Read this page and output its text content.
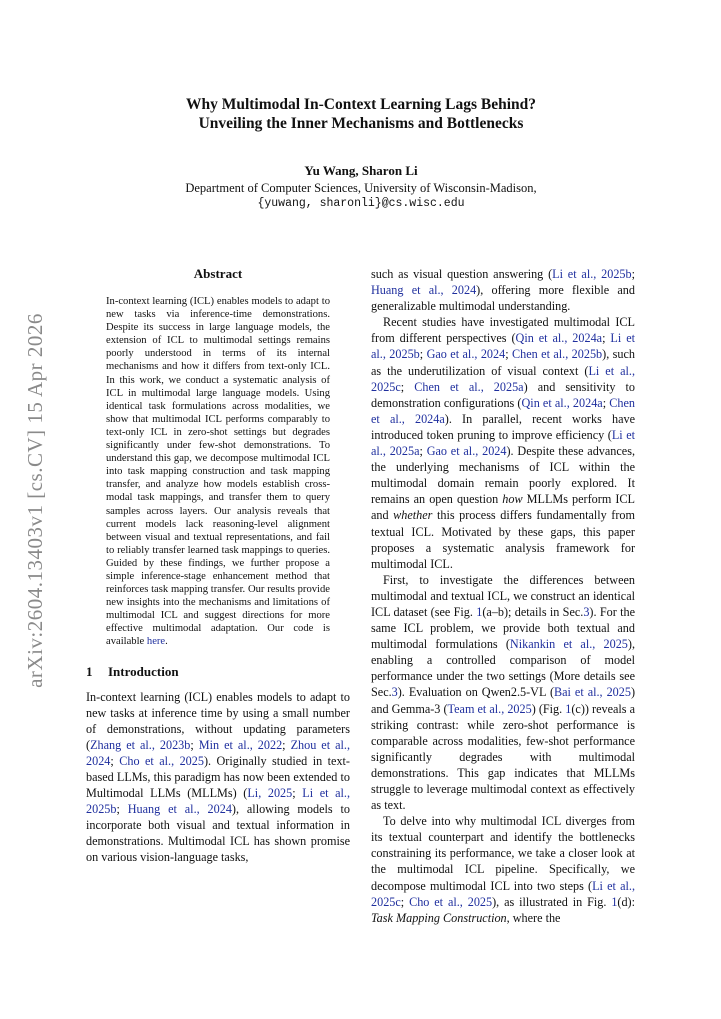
arXiv:2604.13403v1 [cs.CV] 15 Apr 2026
Why Multimodal In-Context Learning Lags Behind?
Unveiling the Inner Mechanisms and Bottlenecks
Yu Wang, Sharon Li
Department of Computer Sciences, University of Wisconsin-Madison,
{yuwang, sharonli}@cs.wisc.edu
Abstract

In-context learning (ICL) enables models to adapt to new tasks via inference-time demonstrations. Despite its success in large language models, the extension of ICL to multimodal settings remains poorly understood in terms of its internal mechanisms and how it differs from text-only ICL. In this work, we conduct a systematic analysis of ICL in multimodal large language models. Using identical task formulations across modalities, we show that multimodal ICL performs comparably to text-only ICL in zero-shot settings but degrades significantly under few-shot demonstrations. To understand this gap, we decompose multimodal ICL into task mapping construction and task mapping transfer, and analyze how models establish cross-modal task mappings, and transfer them to query samples across layers. Our analysis reveals that current models lack reasoning-level alignment between visual and textual representations, and fail to reliably transfer learned task mappings to queries. Guided by these findings, we further propose a simple inference-stage enhancement method that reinforces task mapping transfer. Our results provide new insights into the mechanisms and limitations of multimodal ICL and suggest directions for more effective multimodal adaptation. Our code is available here.

1 Introduction

In-context learning (ICL) enables models to adapt to new tasks at inference time by using a small number of demonstrations, without updating parameters (Zhang et al., 2023b; Min et al., 2022; Zhou et al., 2024; Cho et al., 2025). Originally studied in text-based LLMs, this paradigm has now been extended to Multimodal LLMs (MLLMs) (Li, 2025; Li et al., 2025b; Huang et al., 2024), allowing models to incorporate both visual and textual information in demonstrations. Multimodal ICL has shown promise on various vision-language tasks,

such as visual question answering (Li et al., 2025b; Huang et al., 2024), offering more flexible and generalizable multimodal understanding.

Recent studies have investigated multimodal ICL from different perspectives (Qin et al., 2024a; Li et al., 2025b; Gao et al., 2024; Chen et al., 2025b), such as the underutilization of visual context (Li et al., 2025c; Chen et al., 2025a) and sensitivity to demonstration configurations (Qin et al., 2024a; Chen et al., 2024a). In parallel, recent works have introduced token pruning to improve efficiency (Li et al., 2025a; Gao et al., 2024). Despite these advances, the underlying mechanisms of ICL within the multimodal domain remain poorly explored. It remains an open question how MLLMs perform ICL and whether this process differs fundamentally from textual ICL. Motivated by these gaps, this paper proposes a systematic analysis framework for multimodal ICL.

First, to investigate the differences between multimodal and textual ICL, we construct an identical ICL dataset (see Fig. 1(a–b); details in Sec.3). For the same ICL problem, we provide both textual and multimodal formulations (Nikankin et al., 2025), enabling a controlled comparison of model performance under the two settings (More details see Sec.3). Evaluation on Qwen2.5-VL (Bai et al., 2025) and Gemma-3 (Team et al., 2025) (Fig. 1(c)) reveals a striking contrast: while zero-shot performance is comparable across modalities, few-shot performance significantly degrades with multimodal demonstrations. This gap indicates that MLLMs struggle to leverage multimodal context as effectively as text.

To delve into why multimodal ICL diverges from its textual counterpart and identify the bottlenecks constraining its performance, we take a closer look at the multimodal ICL pipeline. Specifically, we decompose multimodal ICL into two steps (Li et al., 2025c; Cho et al., 2025), as illustrated in Fig. 1(d): Task Mapping Construction, where the
